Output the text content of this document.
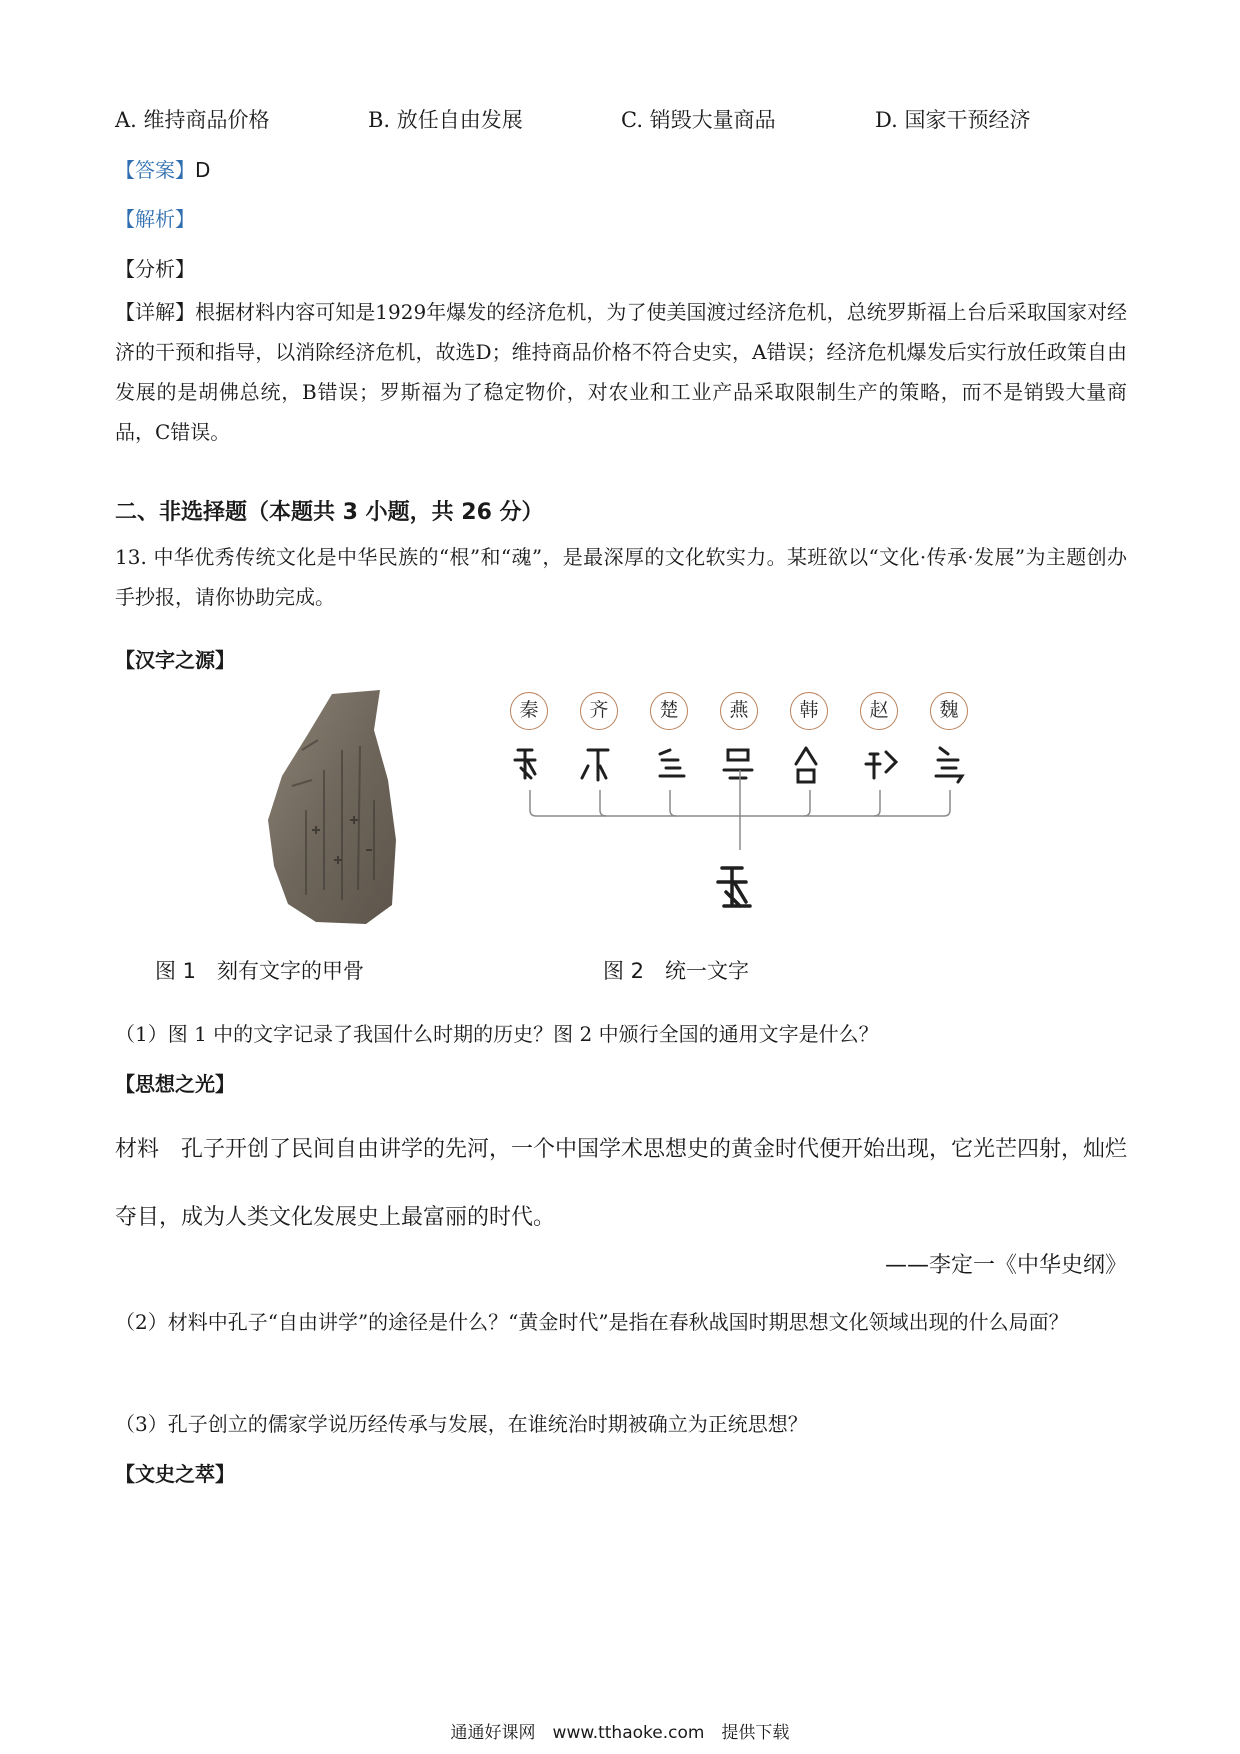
A. 维持商品价格	B. 放任自由发展	C. 销毁大量商品	D. 国家干预经济
【答案】D
【解析】
【分析】
【详解】根据材料内容可知是1929年爆发的经济危机，为了使美国渡过经济危机，总统罗斯福上台后采取国家对经济的干预和指导，以消除经济危机，故选D；维持商品价格不符合史实，A错误；经济危机爆发后实行放任政策自由发展的是胡佛总统，B错误；罗斯福为了稳定物价，对农业和工业产品采取限制生产的策略，而不是销毁大量商品，C错误。
二、非选择题（本题共 3 小题，共 26 分）
13. 中华优秀传统文化是中华民族的“根”和“魂”，是最深厚的文化软实力。某班欲以“文化·传承·发展”为主题创办手抄报，请你协助完成。
【汉字之源】
秦	齐	楚	燕	韩	赵	魏
图 1　刻有文字的甲骨	图 2　统一文字
（1）图 1 中的文字记录了我国什么时期的历史？图 2 中颁行全国的通用文字是什么？
【思想之光】
材料　孔子开创了民间自由讲学的先河，一个中国学术思想史的黄金时代便开始出现，它光芒四射，灿烂夺目，成为人类文化发展史上最富丽的时代。
——李定一《中华史纲》
（2）材料中孔子“自由讲学”的途径是什么？“黄金时代”是指在春秋战国时期思想文化领域出现的什么局面？
（3）孔子创立的儒家学说历经传承与发展，在谁统治时期被确立为正统思想？
【文史之萃】
通通好课网　www.tthaoke.com　提供下载
